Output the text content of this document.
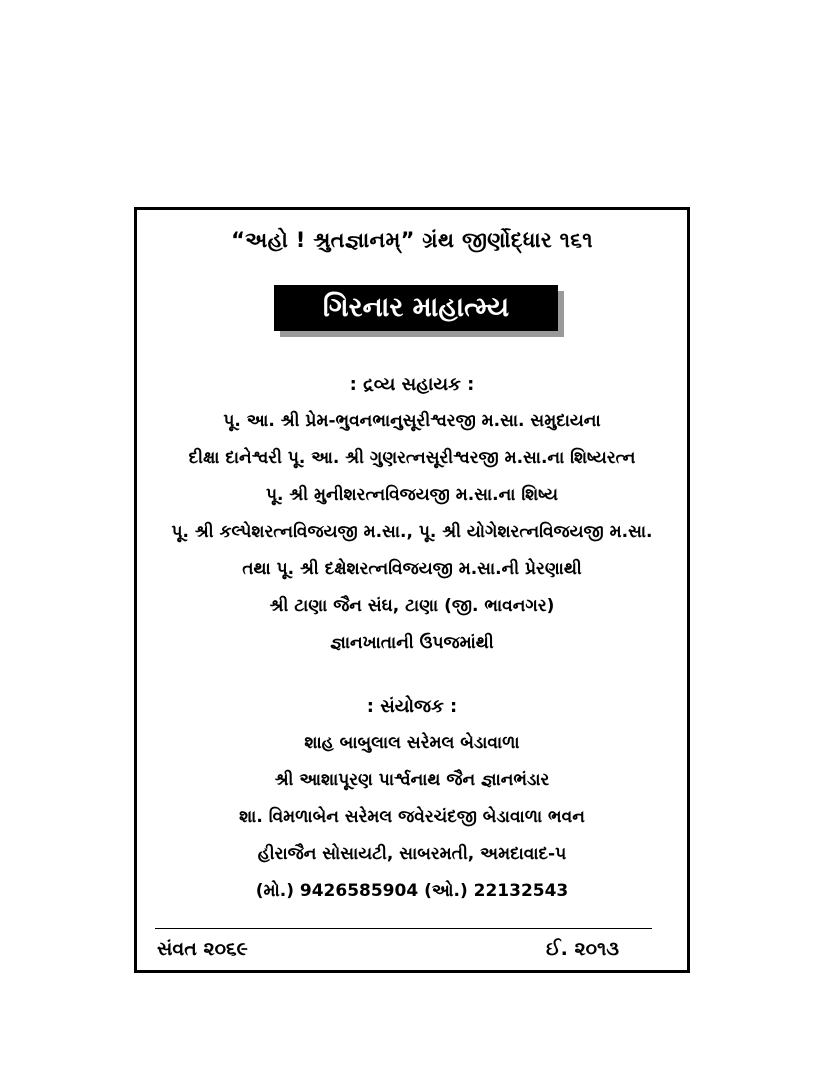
“અહો ! શ્રુતજ્ઞાનમ્” ગ્રંથ જીર્ણોદ્ધાર ૧૬૧
ગિરનાર માહાત્મ્ય
: દ્રવ્ય સહાયક :
પૂ. આ. શ્રી પ્રેમ-ભુવનભાનુસૂરીશ્વરજી મ.સા. સમુદાયના
દીક્ષા દાનેશ્વરી પૂ. આ. શ્રી ગુણરત્નસૂરીશ્વરજી મ.સા.ના શિષ્યરત્ન
પૂ. શ્રી મુનીશરત્નવિજયજી મ.સા.ના શિષ્ય
પૂ. શ્રી કલ્પેશરત્નવિજયજી મ.સા., પૂ. શ્રી યોગેશરત્નવિજયજી મ.સા.
તથા પૂ. શ્રી દક્ષેશરત્નવિજયજી મ.સા.ની પ્રેરણાથી
શ્રી ટાણા જૈન સંઘ, ટાણા (જી. ભાવનગર)
જ્ઞાનખાતાની ઉપજમાંથી
: સંયોજક :
શાહ બાબુલાલ સરેમલ બેડાવાળા
શ્રી આશાપૂરણ પાર્શ્વનાથ જૈન જ્ઞાનભંડાર
શા. વિમળાબેન સરેમલ જવેરચંદજી બેડાવાળા ભવન
હીરાજૈન સોસાયટી, સાબરમતી, અમદાવાદ-૫
(મો.) 9426585904 (ઓ.) 22132543
સંવત ૨૦૬૯	ઈ. ૨૦૧૩
